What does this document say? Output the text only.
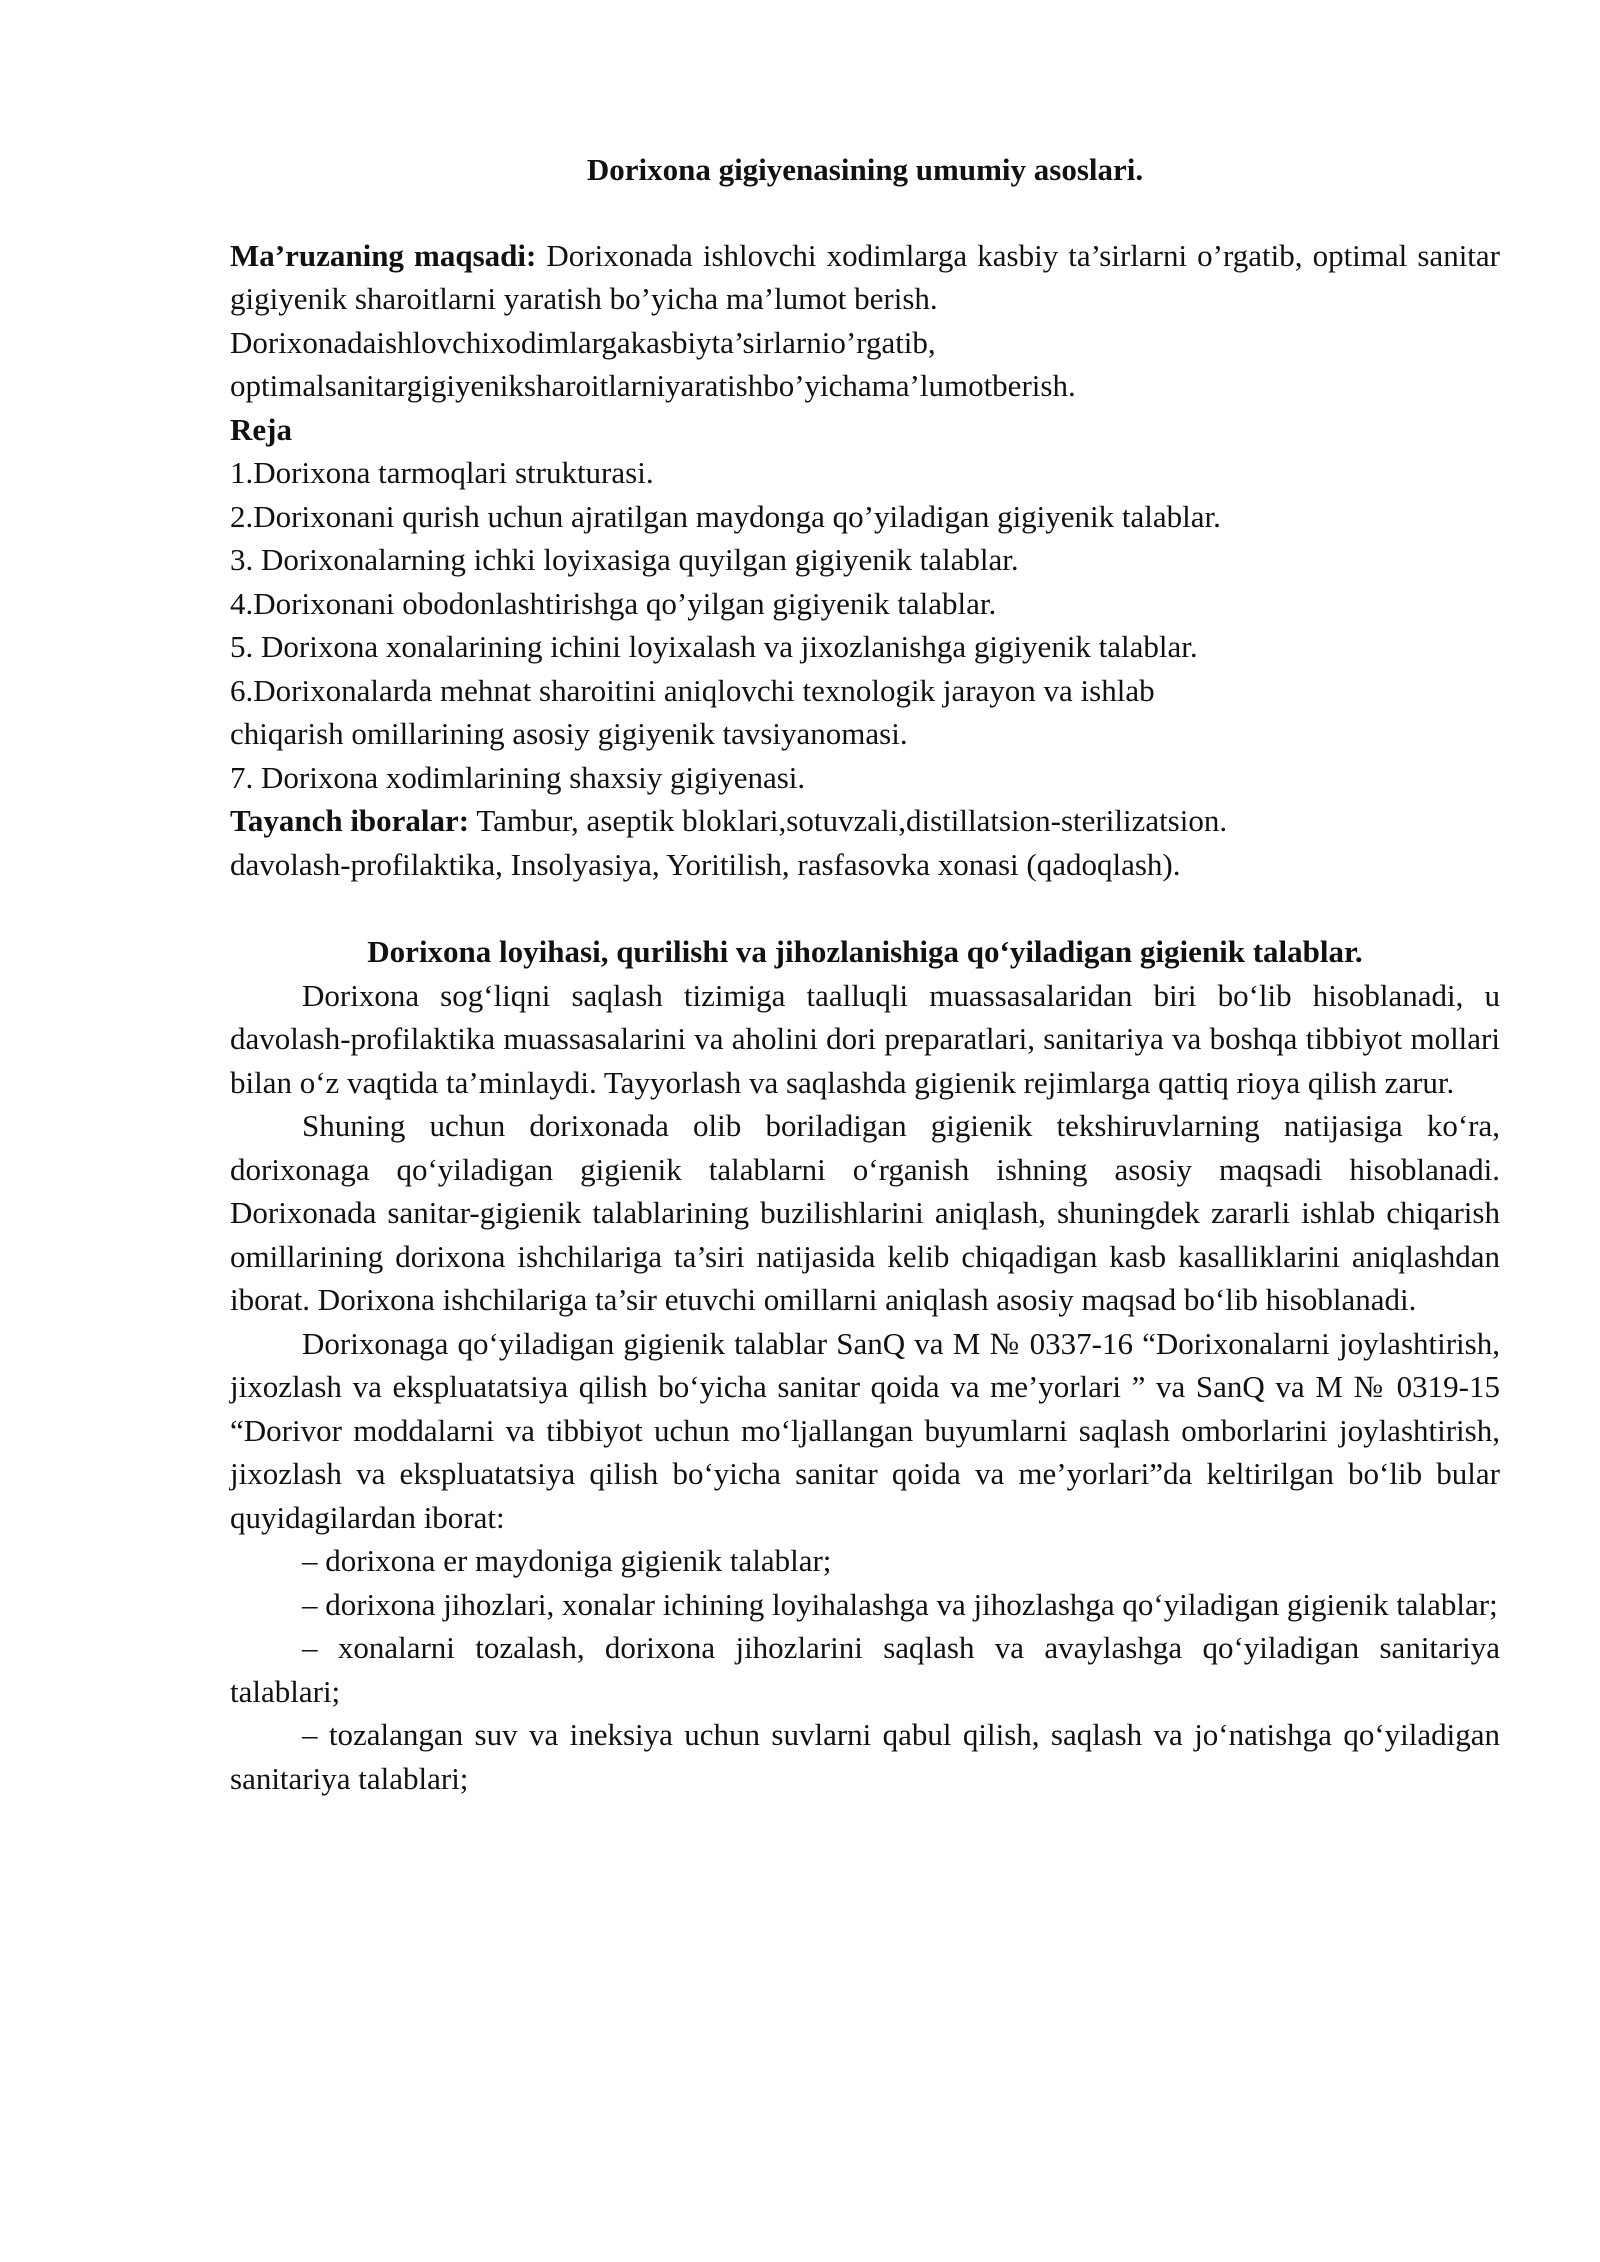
Dorixona gigiyenasining umumiy asoslari.

Ma’ruzaning maqsadi: Dorixonada ishlovchi xodimlarga kasbiy ta’sirlarni o’rgatib, optimal sanitar gigiyenik sharoitlarni yaratish bo’yicha ma’lumot berish.

Dorixonadaishlovchixodimlargakasbiyta’sirlarnio’rgatib,

optimalsanitargigiyeniksharoitlarniyaratishbo’yichama’lumotberish.

Reja

1.Dorixona tarmoqlari strukturasi.
2.Dorixonani qurish uchun ajratilgan maydonga qo’yiladigan gigiyenik talablar.
3. Dorixonalarning ichki loyixasiga quyilgan gigiyenik talablar.
4.Dorixonani obodonlashtirishga qo’yilgan gigiyenik talablar.
5. Dorixona xonalarining ichini loyixalash va jixozlanishga gigiyenik talablar.
6.Dorixonalarda mehnat sharoitini aniqlovchi texnologik jarayon va ishlab
chiqarish omillarining asosiy gigiyenik tavsiyanomasi.
7. Dorixona xodimlarining shaxsiy gigiyenasi.

Tayanch iboralar: Tambur, aseptik bloklari,sotuvzali,distillatsion-sterilizatsion.

davolash-profilaktika, Insolyasiya, Yoritilish, rasfasovka xonasi (qadoqlash).

Dorixona loyihasi, qurilishi va jihozlanishiga qo‘yiladigan gigienik talablar.

Dorixona sog‘liqni saqlash tizimiga taalluqli muassasalaridan biri bo‘lib hisoblanadi, u davolash-profilaktika muassasalarini va aholini dori preparatlari, sanitariya va boshqa tibbiyot mollari bilan o‘z vaqtida ta’minlaydi. Tayyorlash va saqlashda gigienik rejimlarga qattiq rioya qilish zarur.

Shuning uchun dorixonada olib boriladigan gigienik tekshiruvlarning natijasiga ko‘ra, dorixonaga qo‘yiladigan gigienik talablarni o‘rganish ishning asosiy maqsadi hisoblanadi. Dorixonada sanitar-gigienik talablarining buzilishlarini aniqlash, shuningdek zararli ishlab chiqarish omillarining dorixona ishchilariga ta’siri natijasida kelib chiqadigan kasb kasalliklarini aniqlashdan iborat. Dorixona ishchilariga ta’sir etuvchi omillarni aniqlash asosiy maqsad bo‘lib hisoblanadi.

Dorixonaga qo‘yiladigan gigienik talablar SanQ va M № 0337-16 “Dorixonalarni joylashtirish, jixozlash va ekspluatatsiya qilish bo‘yicha sanitar qoida va me’yorlari ” va SanQ va M № 0319-15 “Dorivor moddalarni va tibbiyot uchun mo‘ljallangan buyumlarni saqlash omborlarini joylashtirish, jixozlash va ekspluatatsiya qilish bo‘yicha sanitar qoida va me’yorlari”da keltirilgan bo‘lib bular quyidagilardan iborat:

– dorixona er maydoniga gigienik talablar;

– dorixona jihozlari, xonalar ichining loyihalashga va jihozlashga qo‘yiladigan gigienik talablar;

– xonalarni tozalash, dorixona jihozlarini saqlash va avaylashga qo‘yiladigan sanitariya talablari;

– tozalangan suv va ineksiya uchun suvlarni qabul qilish, saqlash va jo‘natishga qo‘yiladigan sanitariya talablari;
